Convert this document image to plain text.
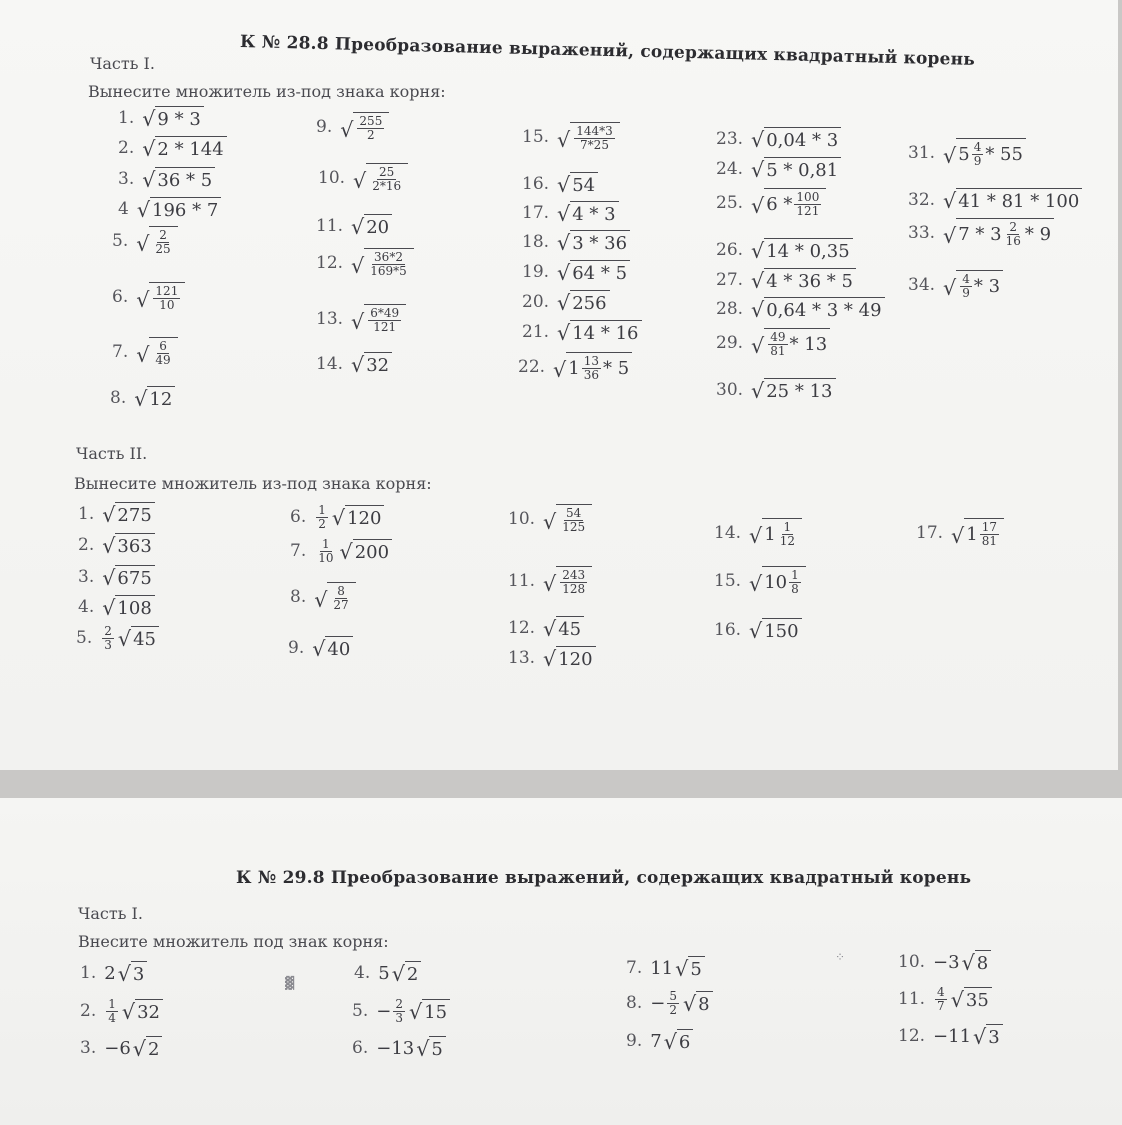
К № 28.8 Преобразование выражений, содержащих квадратный корень
Часть I.
Вынесите множитель из-под знака корня:
1. √ 9 * 3
2. √ 2 * 144
3. √ 36 * 5
4 √ 196 * 7
5. √ $\frac{2}{25}$
6. √ $\frac{121}{10}$
7. √ $\frac{6}{49}$
8. √ 12
9. √ $\frac{255}{2}$
10. √ $\frac{25}{2*16}$
11. √ 20
12. √ $\frac{36*2}{169*5}$
13. √ $\frac{6*49}{121}$
14. √ 32
15. √ $\frac{144*3}{7*25}$
16. √ 54
17. √ 4 * 3
18. √ 3 * 36
19. √ 64 * 5
20. √ 256
21. √ 14 * 16
22. √ $1 \frac{13}{36} * 5$
23. √ 0,04 * 3
24. √ 5 * 0,81
25. √ $6 * \frac{100}{121}$
26. √ 14 * 0,35
27. √ 4 * 36 * 5
28. √ 0,64 * 3 * 49
29. √ $\frac{49}{81} * 13$
30. √ 25 * 13
31. √ $5 \frac{4}{9} * 55$
32. √ 41 * 81 * 100
33. √ $7 * 3 \frac{2}{16} * 9$
34. √ $\frac{4}{9} * 3$
Часть II.
Вынесите множитель из-под знака корня:
1. √ 275
2. √ 363
3. √ 675
4. √ 108
5. $\frac{2}{3}$ √ 45
6. $\frac{1}{2}$ √ 120
7. $\frac{1}{10}$ √ 200
8. √ $\frac{8}{27}$
9. √ 40
10. √ $\frac{54}{125}$
11. √ $\frac{243}{128}$
12. √ 45
13. √ 120
14. √ $1 \frac{1}{12}$
15. √ $10 \frac{1}{8}$
16. √ 150
17. √ $1 \frac{17}{81}$
К № 29.8 Преобразование выражений, содержащих квадратный корень
Часть I.
Внесите множитель под знак корня:
1. 2 √ 3
2. $\frac{1}{4}$ √ 32
3. −6 √ 2
4. 5 √ 2
5. − $\frac{2}{3}$ √ 15
6. −13 √ 5
7. 11 √ 5
8. − $\frac{5}{2}$ √ 8
9. 7 √ 6
10. −3 √ 8
11. $\frac{4}{7}$ √ 35
12. −11 √ 3
▓
⁘
